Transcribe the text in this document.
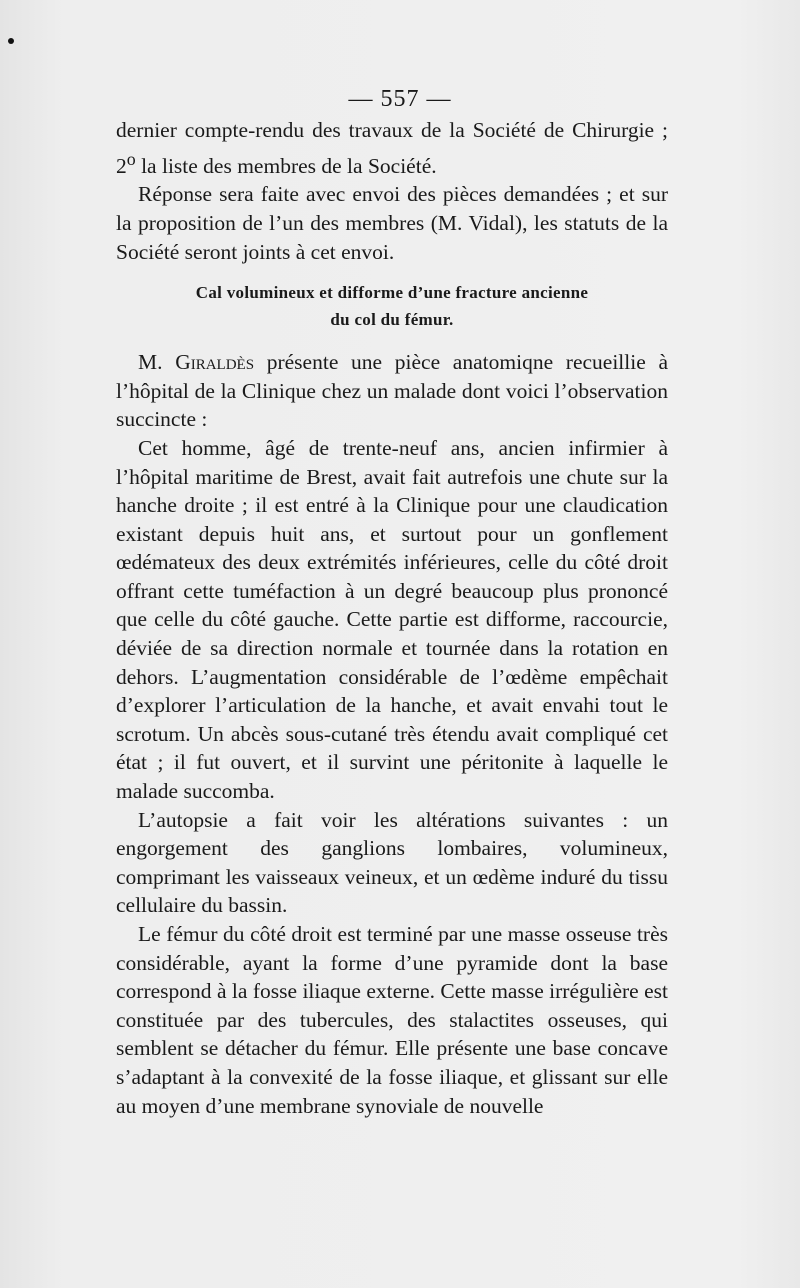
— 557 —

dernier compte-rendu des travaux de la Société de Chirurgie ; 2$^o$ la liste des membres de la Société.

Réponse sera faite avec envoi des pièces demandées ; et sur la proposition de l’un des membres (M. Vidal), les statuts de la Société seront joints à cet envoi.

Cal volumineux et difforme d’une fracture ancienne
du col du fémur.

M. Giraldès présente une pièce anatomiqne recueillie à l’hôpital de la Clinique chez un malade dont voici l’observation succincte :

Cet homme, âgé de trente-neuf ans, ancien infirmier à l’hôpital maritime de Brest, avait fait autrefois une chute sur la hanche droite ; il est entré à la Clinique pour une claudication existant depuis huit ans, et surtout pour un gonflement œdémateux des deux extrémités inférieures, celle du côté droit offrant cette tuméfaction à un degré beaucoup plus prononcé que celle du côté gauche. Cette partie est difforme, raccourcie, déviée de sa direction normale et tournée dans la rotation en dehors. L’augmentation considérable de l’œdème empêchait d’explorer l’articulation de la hanche, et avait envahi tout le scrotum. Un abcès sous-cutané très étendu avait compliqué cet état ; il fut ouvert, et il survint une péritonite à laquelle le malade succomba.

L’autopsie a fait voir les altérations suivantes : un engorgement des ganglions lombaires, volumineux, comprimant les vaisseaux veineux, et un œdème induré du tissu cellulaire du bassin.

Le fémur du côté droit est terminé par une masse osseuse très considérable, ayant la forme d’une pyramide dont la base correspond à la fosse iliaque externe. Cette masse irrégulière est constituée par des tubercules, des stalactites osseuses, qui semblent se détacher du fémur. Elle présente une base concave s’adaptant à la convexité de la fosse iliaque, et glissant sur elle au moyen d’une membrane synoviale de nouvelle
